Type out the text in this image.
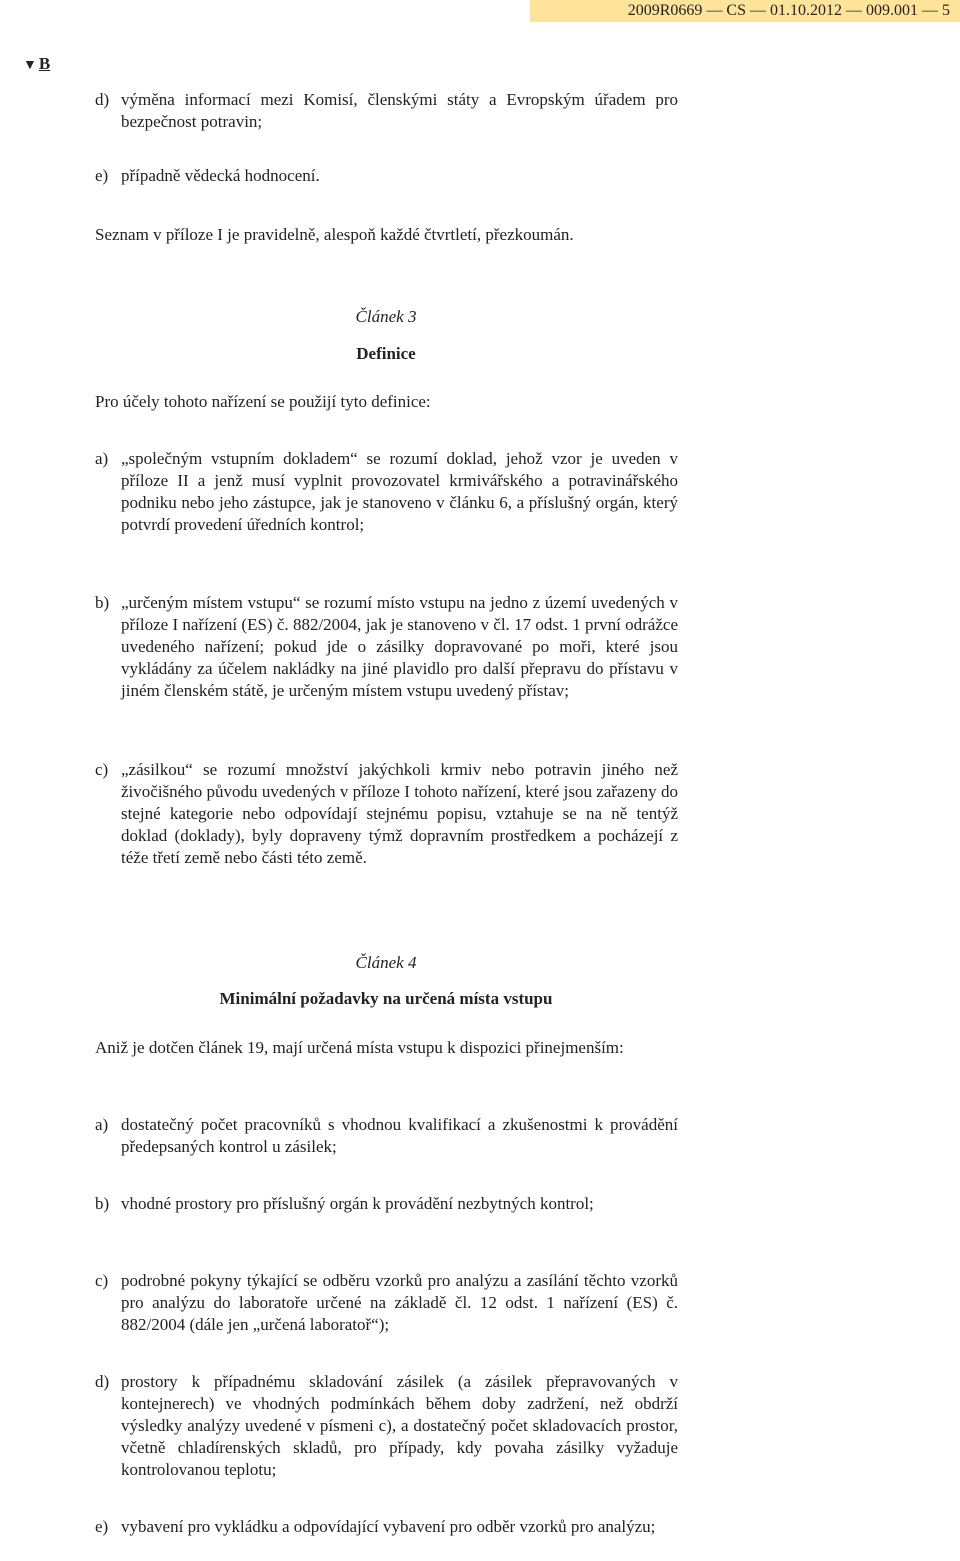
2009R0669 — CS — 01.10.2012 — 009.001 — 5
▼ B
d) výměna informací mezi Komisí, členskými státy a Evropským úřadem pro bezpečnost potravin;

e) případně vědecká hodnocení.

Seznam v příloze I je pravidelně, alespoň každé čtvrtletí, přezkoumán.
Článek 3
Definice
Pro účely tohoto nařízení se použijí tyto definice:
a) „společným vstupním dokladem“ se rozumí doklad, jehož vzor je uveden v příloze II a jenž musí vyplnit provozovatel krmivářského a potravinářského podniku nebo jeho zástupce, jak je stanoveno v článku 6, a příslušný orgán, který potvrdí provedení úředních kontrol;

b) „určeným místem vstupu“ se rozumí místo vstupu na jedno z území uvedených v příloze I nařízení (ES) č. 882/2004, jak je stanoveno v čl. 17 odst. 1 první odrážce uvedeného nařízení; pokud jde o zásilky dopravované po moři, které jsou vykládány za účelem nakládky na jiné plavidlo pro další přepravu do přístavu v jiném členském státě, je určeným místem vstupu uvedený přístav;

c) „zásilkou“ se rozumí množství jakýchkoli krmiv nebo potravin jiného než živočišného původu uvedených v příloze I tohoto nařízení, které jsou zařazeny do stejné kategorie nebo odpovídají stejnému popisu, vztahuje se na ně tentýž doklad (doklady), byly dopraveny týmž dopravním prostředkem a pocházejí z téže třetí země nebo části této země.

Článek 4
Minimální požadavky na určená místa vstupu
Aniž je dotčen článek 19, mají určená místa vstupu k dispozici přinejmenším:
a) dostatečný počet pracovníků s vhodnou kvalifikací a zkušenostmi k provádění předepsaných kontrol u zásilek;

b) vhodné prostory pro příslušný orgán k provádění nezbytných kontrol;

c) podrobné pokyny týkající se odběru vzorků pro analýzu a zasílání těchto vzorků pro analýzu do laboratoře určené na základě čl. 12 odst. 1 nařízení (ES) č. 882/2004 (dále jen „určená laboratoř“);

d) prostory k případnému skladování zásilek (a zásilek přepravovaných v kontejnerech) ve vhodných podmínkách během doby zadržení, než obdrží výsledky analýzy uvedené v písmeni c), a dostatečný počet skladovacích prostor, včetně chladírenských skladů, pro případy, kdy povaha zásilky vyžaduje kontrolovanou teplotu;

e) vybavení pro vykládku a odpovídající vybavení pro odběr vzorků pro analýzu;
